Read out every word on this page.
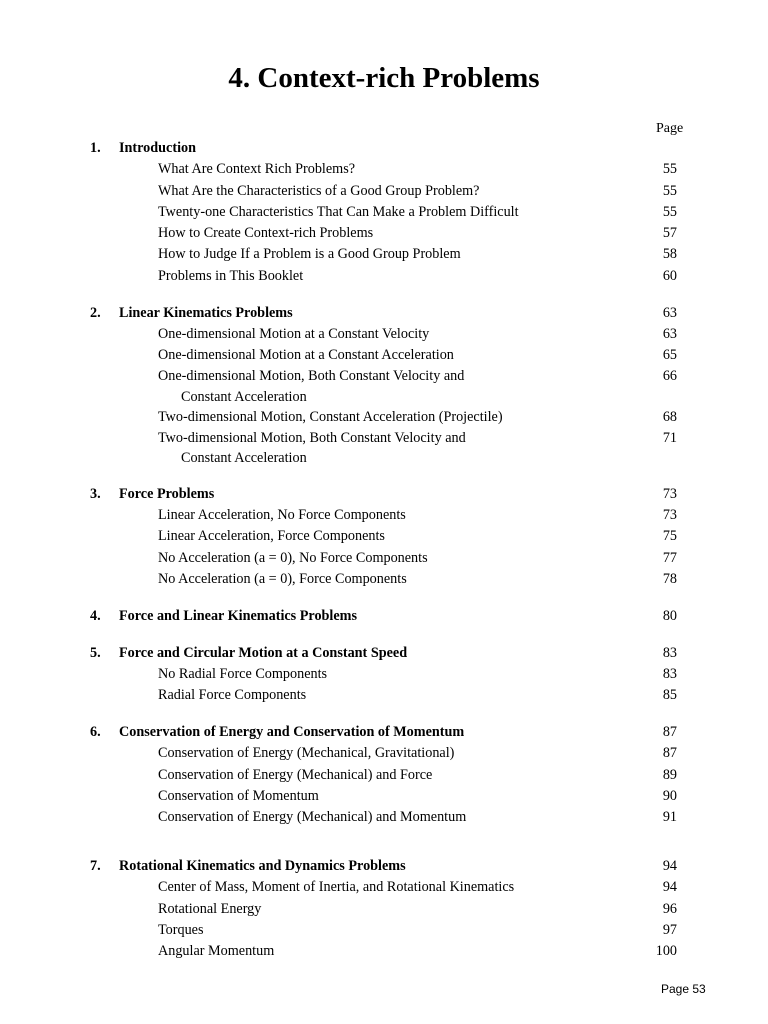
4. Context-rich Problems
Page
1. Introduction
What Are Context Rich Problems?	55
What Are the Characteristics of a Good Group Problem?	55
Twenty-one Characteristics That Can Make a Problem Difficult	55
How to Create Context-rich Problems	57
How to Judge If a Problem is a Good Group Problem	58
Problems in This Booklet	60
2. Linear Kinematics Problems	63
One-dimensional Motion at a Constant Velocity	63
One-dimensional Motion at a Constant Acceleration	65
One-dimensional Motion, Both Constant Velocity and	66
Constant Acceleration
Two-dimensional Motion, Constant Acceleration (Projectile)	68
Two-dimensional Motion, Both Constant Velocity and	71
Constant Acceleration
3. Force Problems	73
Linear Acceleration, No Force Components	73
Linear Acceleration, Force Components	75
No Acceleration (a = 0), No Force Components	77
No Acceleration (a = 0), Force Components	78
4. Force and Linear Kinematics Problems	80
5. Force and Circular Motion at a Constant Speed	83
No Radial Force Components	83
Radial Force Components	85
6. Conservation of Energy and Conservation of Momentum	87
Conservation of Energy (Mechanical, Gravitational)	87
Conservation of Energy (Mechanical) and Force	89
Conservation of Momentum	90
Conservation of Energy (Mechanical) and Momentum	91
7. Rotational Kinematics and Dynamics Problems	94
Center of Mass, Moment of Inertia, and Rotational Kinematics	94
Rotational Energy	96
Torques	97
Angular Momentum	100
Page 53
